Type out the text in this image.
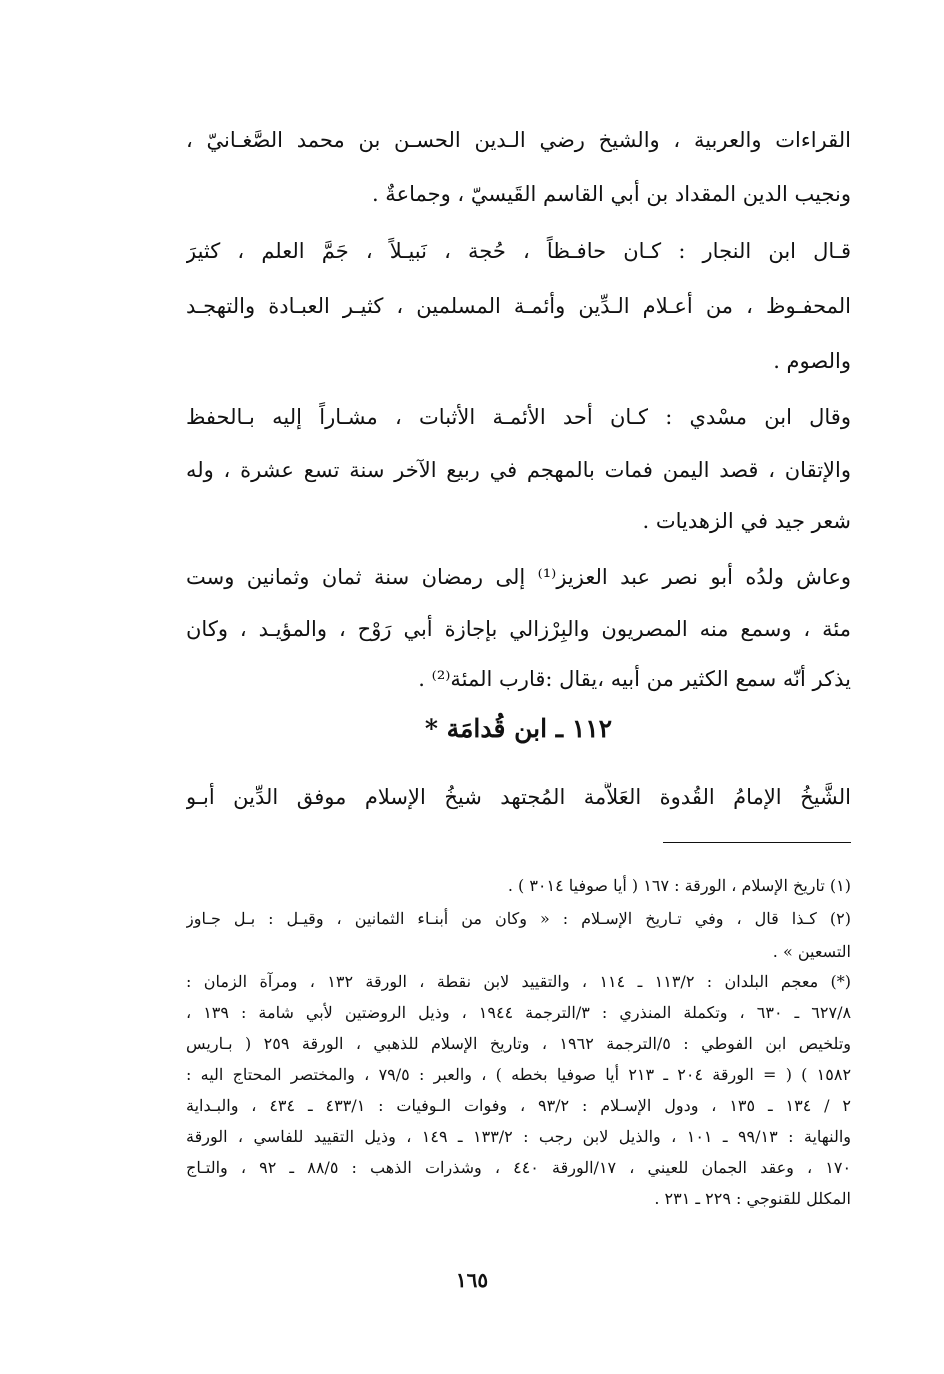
القراءات والعربية ، والشيخ رضي الـدين الحسـن بن محمد الصَّغـانيّ ،
ونجيب الدين المقداد بن أبي القاسم القَيسيّ ، وجماعةٌ .
قـال ابن النجار : كـان حافـظاً ، حُجة ، نَبيـلاً ، جَمَّ العلم ، كثيرَ
المحفـوظ ، من أعـلام الـدِّين وأئمـة المسلمين ، كثيـر العبـادة والتهجـد
والصوم .
وقال ابن مسْدي : كـان أحد الأئمـة الأثبات ، مشـاراً إليه بـالحفظ
والإتقان ، قصد اليمن فمات بالمهجم في ربيع الآخر سنة تسع عشرة ، وله
شعر جيد في الزهديات .
وعاش ولدُه أبو نصر عبد العزيز⁽¹⁾ إلى رمضان سنة ثمان وثمانين وست
مئة ، وسمع منه المصريون والبِرْزالي بإجازة أبي رَوْح ، والمؤيـد ، وكان
يذكر أنّه سمع الكثير من أبيه ،يقال :قارب المئة⁽²⁾ .
١١٢ ـ ابن قُدامَة *
الشَّيخُ الإمامُ القُدوة العَلاَّمة المُجتهد شيخُ الإسلام موفق الدِّين أبـو
(١) تاريخ الإسلام ، الورقة : ١٦٧ ( أيا صوفيا ٣٠١٤ ) .
(٢) كـذا قال ، وفي تـاريخ الإسـلام : « وكان من أبنـاء الثمانين ، وقيـل : بـل جـاوز
التسعين » .
(*) معجم البلدان : ١١٣/٢ ـ ١١٤ ، والتقييد لابن نقطة ، الورقة ١٣٢ ، ومرآة الزمان :
٦٢٧/٨ ـ ٦٣٠ ، وتكملة المنذري : ٣/الترجمة ١٩٤٤ ، وذيل الروضتين لأبي شامة : ١٣٩ ،
وتلخيص ابن الفوطي : ٥/الترجمة ١٩٦٢ ، وتاريخ الإسلام للذهبي ، الورقة ٢٥٩ ( بـاريس
١٥٨٢ ) ( = الورقة ٢٠٤ ـ ٢١٣ أيا صوفيا بخطه ) ، والعبر : ٧٩/٥ ، والمختصر المحتاج اليه :
٢ / ١٣٤ ـ ١٣٥ ، ودول الإسـلام : ٩٣/٢ ، وفوات الـوفيات : ٤٣٣/١ ـ ٤٣٤ ، والبـداية
والنهاية : ٩٩/١٣ ـ ١٠١ ، والذيل لابن رجب : ١٣٣/٢ ـ ١٤٩ ، وذيل التقييد للفاسي ، الورقة
١٧٠ ، وعقد الجمان للعيني ، ١٧/الورقة ٤٤٠ ، وشذرات الذهب : ٨٨/٥ ـ ٩٢ ، والتـاج
المكلل للقنوجي : ٢٢٩ ـ ٢٣١ .
١٦٥
